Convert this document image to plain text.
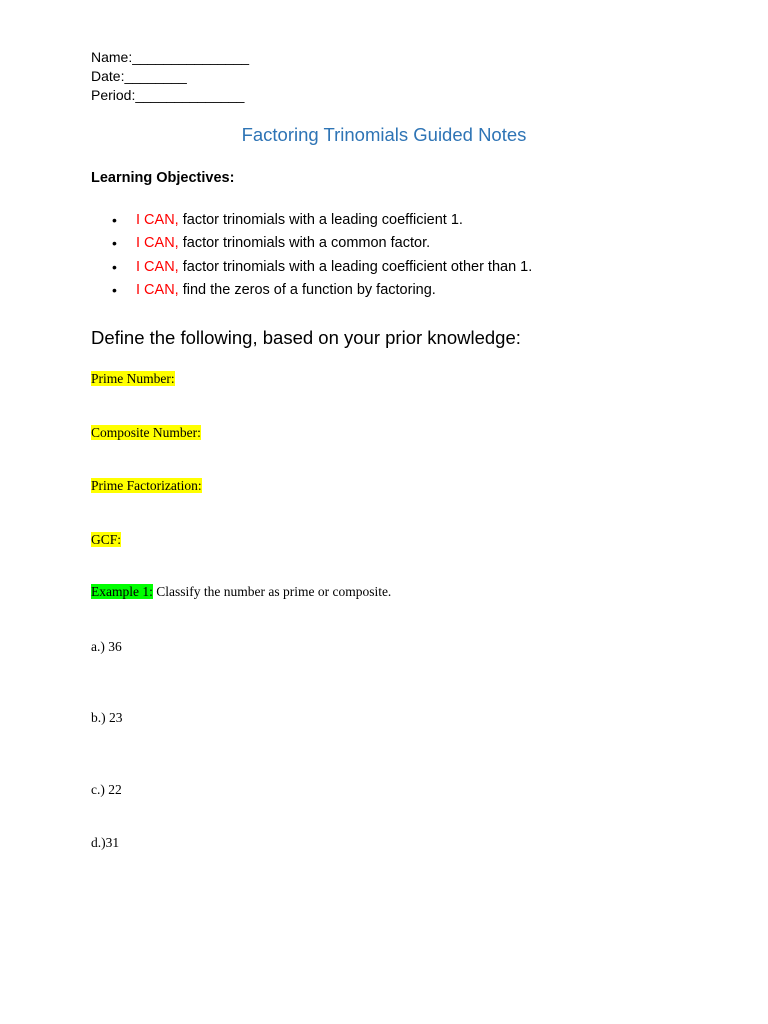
Name:_______________
Date:________
Period:______________
Factoring Trinomials Guided Notes
Learning Objectives:
• I CAN, factor trinomials with a leading coefficient 1.
• I CAN, factor trinomials with a common factor.
• I CAN, factor trinomials with a leading coefficient other than 1.
• I CAN, find the zeros of a function by factoring.
Define the following, based on your prior knowledge:
Prime Number:
Composite Number:
Prime Factorization:
GCF:
Example 1: Classify the number as prime or composite.
a.) 36
b.) 23
c.) 22
d.)31
